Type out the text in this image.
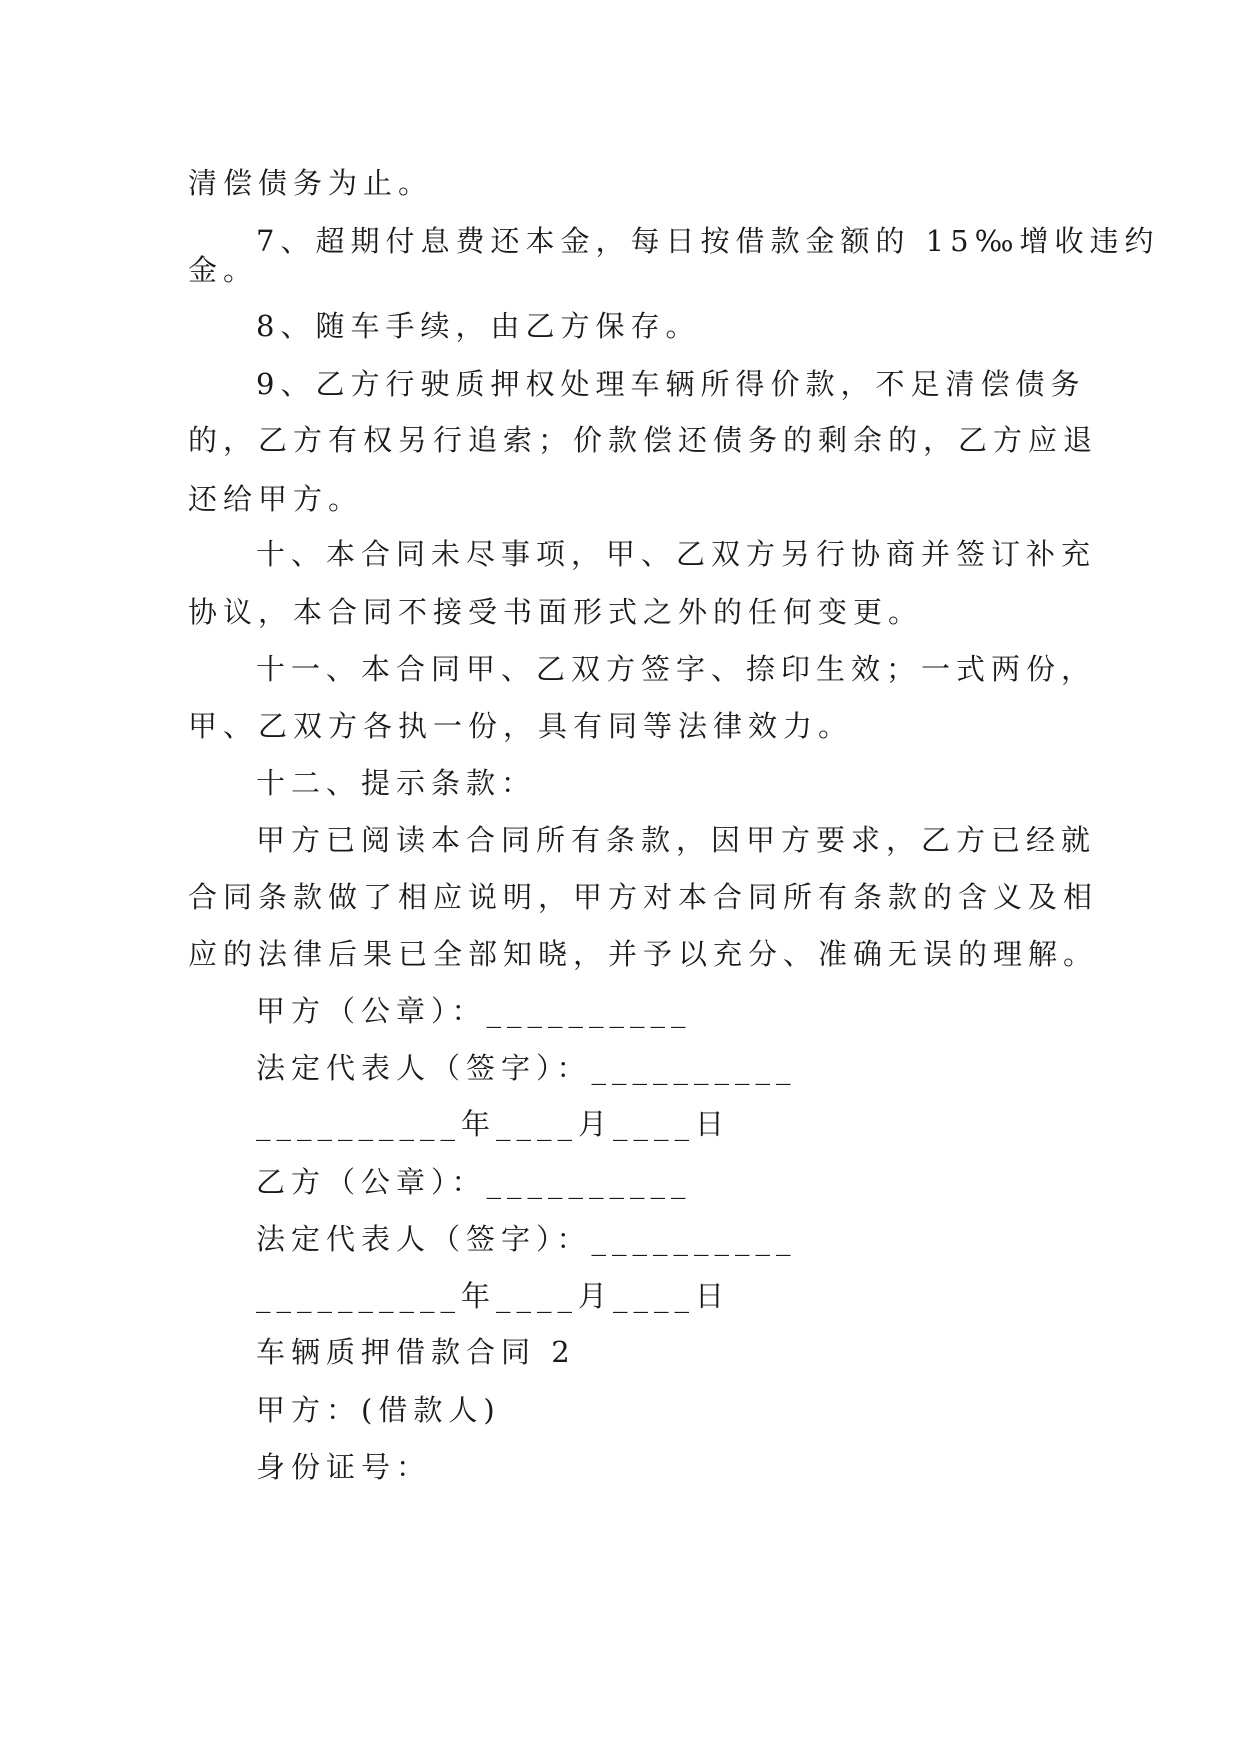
清偿债务为止。

7、超期付息费还本金，每日按借款金额的 15‰增收违约

金。

8、随车手续，由乙方保存。

9、乙方行驶质押权处理车辆所得价款，不足清偿债务

的，乙方有权另行追索；价款偿还债务的剩余的，乙方应退

还给甲方。

十、本合同未尽事项，甲、乙双方另行协商并签订补充

协议，本合同不接受书面形式之外的任何变更。

十一、本合同甲、乙双方签字、捺印生效；一式两份，

甲、乙双方各执一份，具有同等法律效力。

十二、提示条款：

甲方已阅读本合同所有条款，因甲方要求，乙方已经就

合同条款做了相应说明，甲方对本合同所有条款的含义及相

应的法律后果已全部知晓，并予以充分、准确无误的理解。

甲方（公章）：__________

法定代表人（签字）：__________

__________年____月____日

乙方（公章）：__________

法定代表人（签字）：__________

__________年____月____日

车辆质押借款合同 2

甲方：(借款人)

身份证号：
